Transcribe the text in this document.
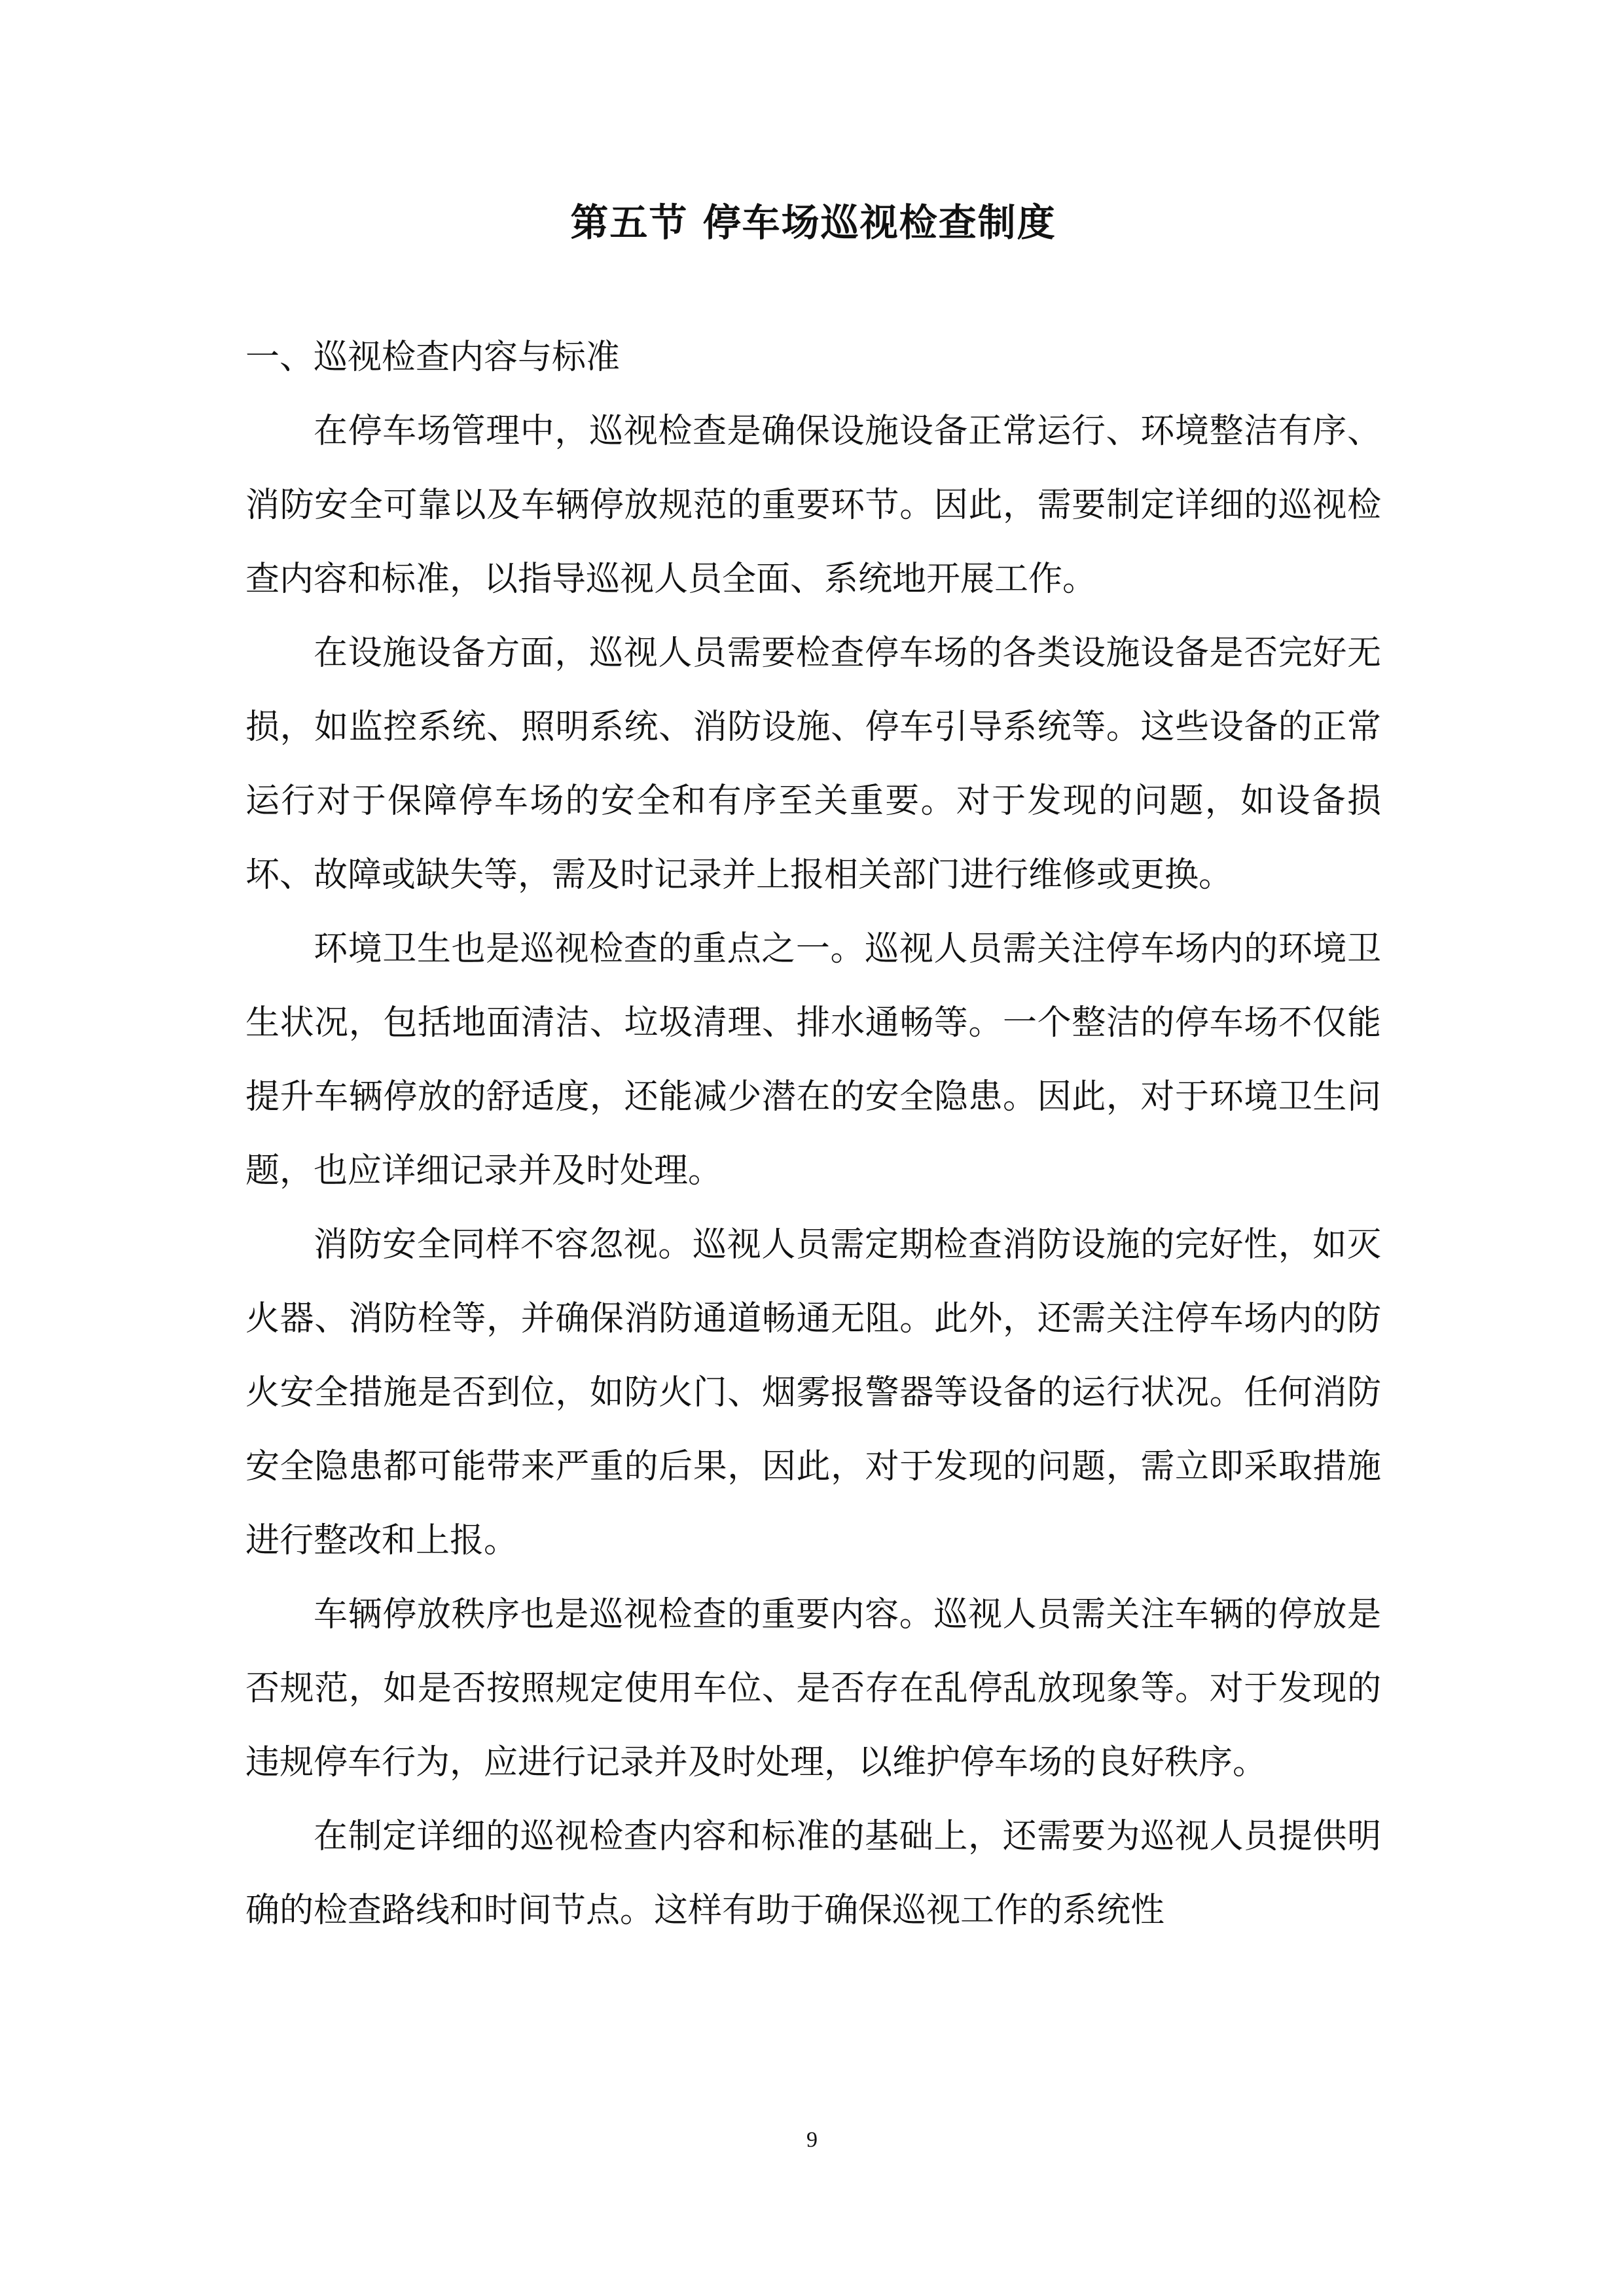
第五节 停车场巡视检查制度

一、巡视检查内容与标准

在停车场管理中，巡视检查是确保设施设备正常运行、环境整洁有序、消防安全可靠以及车辆停放规范的重要环节。因此，需要制定详细的巡视检查内容和标准，以指导巡视人员全面、系统地开展工作。

在设施设备方面，巡视人员需要检查停车场的各类设施设备是否完好无损，如监控系统、照明系统、消防设施、停车引导系统等。这些设备的正常运行对于保障停车场的安全和有序至关重要。对于发现的问题，如设备损坏、故障或缺失等，需及时记录并上报相关部门进行维修或更换。

环境卫生也是巡视检查的重点之一。巡视人员需关注停车场内的环境卫生状况，包括地面清洁、垃圾清理、排水通畅等。一个整洁的停车场不仅能提升车辆停放的舒适度，还能减少潜在的安全隐患。因此，对于环境卫生问题，也应详细记录并及时处理。

消防安全同样不容忽视。巡视人员需定期检查消防设施的完好性，如灭火器、消防栓等，并确保消防通道畅通无阻。此外，还需关注停车场内的防火安全措施是否到位，如防火门、烟雾报警器等设备的运行状况。任何消防安全隐患都可能带来严重的后果，因此，对于发现的问题，需立即采取措施进行整改和上报。

车辆停放秩序也是巡视检查的重要内容。巡视人员需关注车辆的停放是否规范，如是否按照规定使用车位、是否存在乱停乱放现象等。对于发现的违规停车行为，应进行记录并及时处理，以维护停车场的良好秩序。

在制定详细的巡视检查内容和标准的基础上，还需要为巡视人员提供明确的检查路线和时间节点。这样有助于确保巡视工作的系统性

9
